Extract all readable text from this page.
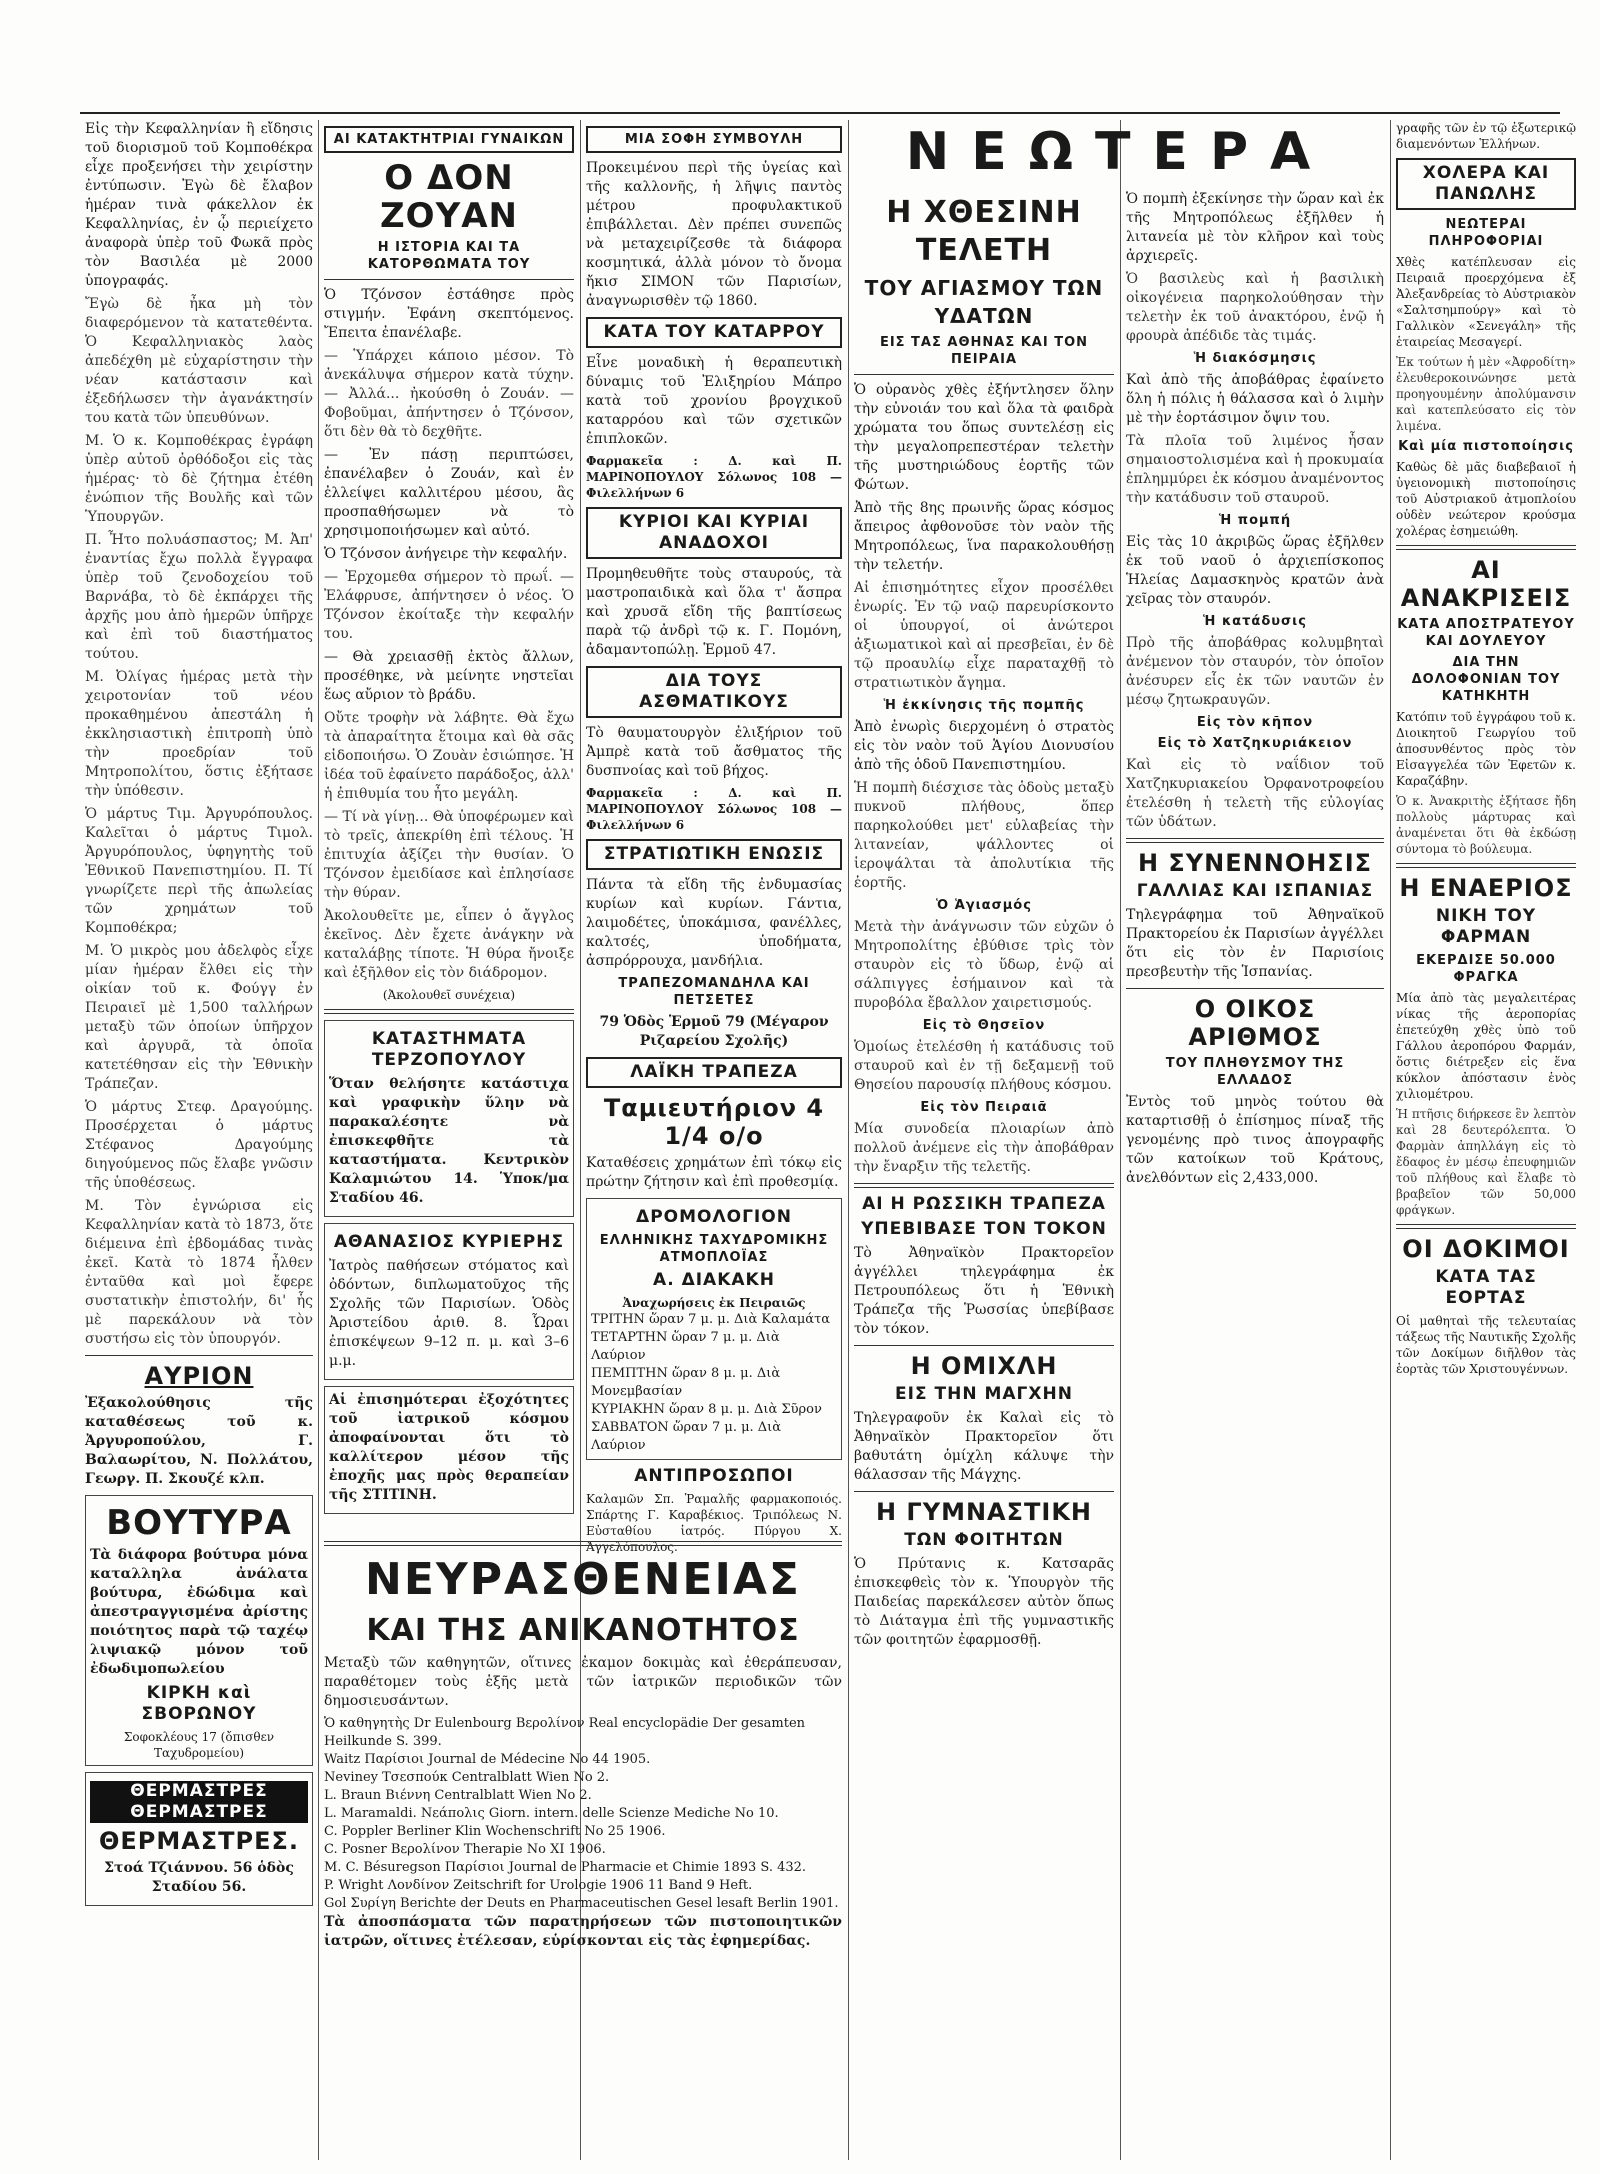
Εἰς τὴν Κεφαλληνίαν ἢ εἴδησις τοῦ διορισμοῦ τοῦ Κομποθέκρα εἶχε προξενήσει τὴν χειρίστην ἐντύπωσιν. Ἐγὼ δὲ ἔλαβον ἡμέραν τινὰ φάκελλον ἐκ Κεφαλληνίας, ἐν ᾧ περιείχετο ἀναφορὰ ὑπὲρ τοῦ Φωκᾶ πρὸς τὸν Βασιλέα μὲ 2000 ὑπογραφάς.

Ἔγὼ δὲ ἦκα μὴ τὸν διαφερόμενον τὰ κατατεθέντα. Ὁ Κεφαλληνιακὸς λαὸς ἀπεδέχθη μὲ εὐχαρίστησιν τὴν νέαν κατάστασιν καὶ ἐξεδήλωσεν τὴν ἀγανάκτησίν του κατὰ τῶν ὑπευθύνων.

Μ. Ὁ κ. Κομποθέκρας ἐγράφη ὑπὲρ αὐτοῦ ὀρθόδοξοι εἰς τὰς ἡμέρας· τὸ δὲ ζήτημα ἐτέθη ἐνώπιον τῆς Βουλῆς καὶ τῶν Ὑπουργῶν.

Π. Ἦτο πολυάσπαστος; Μ. Ἀπ' ἐναντίας ἔχω πολλὰ ἔγγραφα ὑπὲρ τοῦ ζενοδοχείου τοῦ Βαρνάβα, τὸ δὲ ἐκπάρχει τῆς ἀρχῆς μου ἀπὸ ἡμερῶν ὑπῆρχε καὶ ἐπὶ τοῦ διαστήματος τούτου.

Μ. Ὀλίγας ἡμέρας μετὰ τὴν χειροτονίαν τοῦ νέου προκαθημένου ἀπεστάλη ἡ ἐκκλησιαστικὴ ἐπιτροπὴ ὑπὸ τὴν προεδρίαν τοῦ Μητροπολίτου, ὅστις ἐξήτασε τὴν ὑπόθεσιν.

Ὁ μάρτυς Τιμ. Ἀργυρόπουλος. Καλεῖται ὁ μάρτυς Τιμολ. Ἀργυρόπουλος, ὑφηγητὴς τοῦ Ἐθνικοῦ Πανεπιστημίου. Π. Τί γνωρίζετε περὶ τῆς ἀπωλείας τῶν χρημάτων τοῦ Κομποθέκρα;

Μ. Ὁ μικρὸς μου ἀδελφὸς εἶχε μίαν ἡμέραν ἔλθει εἰς τὴν οἰκίαν τοῦ κ. Φούγγ ἐν Πειραιεῖ μὲ 1,500 ταλλήρων μεταξὺ τῶν ὁποίων ὑπῆρχον καὶ ἀργυρᾶ, τὰ ὁποῖα κατετέθησαν εἰς τὴν Ἐθνικὴν Τράπεζαν.

Ὁ μάρτυς Στεφ. Δραγούμης. Προσέρχεται ὁ μάρτυς Στέφανος Δραγούμης διηγούμενος πῶς ἔλαβε γνῶσιν τῆς ὑποθέσεως.

Μ. Τὸν ἐγνώρισα εἰς Κεφαλληνίαν κατὰ τὸ 1873, ὅτε διέμεινα ἐπὶ ἑβδομάδας τινὰς ἐκεῖ. Κατὰ τὸ 1874 ἦλθεν ἐνταῦθα καὶ μοὶ ἔφερε συστατικὴν ἐπιστολήν, δι' ἧς μὲ παρεκάλουν νὰ τὸν συστήσω εἰς τὸν ὑπουργόν.

ΑΥΡΙΟΝ

Ἐξακολούθησις τῆς καταθέσεως τοῦ κ. Ἀργυροπούλου, Γ. Βαλαωρίτου, Ν. Πολλάτου, Γεωργ. Π. Σκουζέ κλπ.

ΒΟΥΤΥΡΑ

Τὰ διάφορα βούτυρα μόνα καταλληλα ἀνάλατα βούτυρα, ἐδώδιμα καὶ ἀπεστραγγισμένα ἀρίστης ποιότητος παρὰ τῷ ταχέῳ λιψιακῷ μόνον τοῦ ἐδωδιμοπωλείου

ΚΙΡΚΗ καὶ ΣΒΟΡΩΝΟΥ
Σοφοκλέους 17 (ὄπισθεν Ταχυδρομείου)
ΘΕΡΜΑΣΤΡΕΣ ΘΕΡΜΑΣΤΡΕΣ
ΘΕΡΜΑΣΤΡΕΣ.

Στοά Τζιάννου. 56 ὁδὸς Σταδίου 56.

ΑΙ ΚΑΤΑΚΤΗΤΡΙΑΙ ΓΥΝΑΙΚΩΝ
Ο ΔΟΝ ΖΟΥΑΝ
Η ΙΣΤΟΡΙΑ ΚΑΙ ΤΑ ΚΑΤΟΡΘΩΜΑΤΑ ΤΟΥ

Ὁ Τζόνσον ἐστάθησε πρὸς στιγμήν. Ἐφάνη σκεπτόμενος. Ἔπειτα ἐπανέλαβε.

— Ὑπάρχει κάποιο μέσον. Τὸ ἀνεκάλυψα σήμερον κατὰ τύχην. — Ἀλλά... ἠκούσθη ὁ Ζουάν. — Φοβοῦμαι, ἀπήντησεν ὁ Τζόνσον, ὅτι δὲν θὰ τὸ δεχθῆτε.

— Ἐν πάσῃ περιπτώσει, ἐπανέλαβεν ὁ Ζουάν, καὶ ἐν ἐλλείψει καλλιτέρου μέσου, ἃς προσπαθήσωμεν νὰ τὸ χρησιμοποιήσωμεν καὶ αὐτό.

Ὁ Τζόνσον ἀνήγειρε τὴν κεφαλήν.

— Ἐρχομεθα σήμερον τὸ πρωΐ. — Ἐλάφρυσε, ἀπήντησεν ὁ νέος. Ὁ Τζόνσον ἐκοίταξε τὴν κεφαλήν του.

— Θὰ χρειασθῇ ἐκτὸς ἄλλων, προσέθηκε, νὰ μείνητε νηστεῖαι ἕως αὔριον τὸ βράδυ.

Οὔτε τροφὴν νὰ λάβητε. Θὰ ἔχω τὰ ἀπαραίτητα ἕτοιμα καὶ θὰ σᾶς εἰδοποιήσω. Ὁ Ζουὰν ἐσιώπησε. Ἡ ἰδέα τοῦ ἐφαίνετο παράδοξος, ἀλλ' ἡ ἐπιθυμία του ἦτο μεγάλη.

— Τί νὰ γίνῃ... Θὰ ὑποφέρωμεν καὶ τὸ τρεῖς, ἀπεκρίθη ἐπὶ τέλους. Ἡ ἐπιτυχία ἀξίζει τὴν θυσίαν. Ὁ Τζόνσον ἐμειδίασε καὶ ἐπλησίασε τὴν θύραν.

Ἀκολουθεῖτε με, εἶπεν ὁ ἄγγλος ἐκεῖνος. Δὲν ἔχετε ἀνάγκην νὰ καταλάβῃς τίποτε. Ἡ θύρα ἤνοιξε καὶ ἐξῆλθον εἰς τὸν διάδρομον.

(Ἀκολουθεῖ συνέχεια)

ΚΑΤΑΣΤΗΜΑΤΑ ΤΕΡΖΟΠΟΥΛΟΥ

Ὅταν θελήσητε κατάστιχα καὶ γραφικὴν ὕλην νὰ παρακαλέσητε νὰ ἐπισκεφθῆτε τὰ καταστήματα. Κεντρικὸν Καλαμιώτου 14. Ὑποκ/μα Σταδίου 46.

ΑΘΑΝΑΣΙΟΣ ΚΥΡΙΕΡΗΣ

Ἰατρὸς παθήσεων στόματος καὶ ὀδόντων, διπλωματοῦχος τῆς Σχολῆς τῶν Παρισίων. Ὁδὸς Ἀριστείδου ἀριθ. 8. Ὧραι ἐπισκέψεων 9–12 π. μ. καὶ 3–6 μ.μ.

Αἱ ἐπισημότεραι ἐξοχότητες τοῦ ἰατρικοῦ κόσμου ἀποφαίνονται ὅτι τὸ καλλίτερον μέσον τῆς ἐποχῆς μας πρὸς θεραπείαν τῆς ΣΤΙΤΙΝΗ.

ΜΙΑ ΣΟΦΗ ΣΥΜΒΟΥΛΗ

Προκειμένου περὶ τῆς ὑγείας καὶ τῆς καλλονῆς, ἡ λῆψις παντὸς μέτρου προφυλακτικοῦ ἐπιβάλλεται. Δὲν πρέπει συνεπῶς νὰ μεταχειρίζεσθε τὰ διάφορα κοσμητικά, ἀλλὰ μόνον τὸ ὄνομα ἤκισ ΣΙΜΟΝ τῶν Παρισίων, ἀναγνωρισθὲν τῷ 1860.

ΚΑΤΑ ΤΟΥ ΚΑΤΑΡΡΟΥ

Εἶνε μοναδικὴ ἡ θεραπευτικὴ δύναμις τοῦ Ἐλιξηρίου Μάπρο κατὰ τοῦ χρονίου βρογχικοῦ καταρρόου καὶ τῶν σχετικῶν ἐπιπλοκῶν.

Φαρμακεῖα : Δ. καὶ Π. ΜΑΡΙΝΟΠΟΥΛΟΥ Σόλωνος 108 — Φιλελλήνων 6

ΚΥΡΙΟΙ ΚΑΙ ΚΥΡΙΑΙ ΑΝΑΔΟΧΟΙ

Προμηθευθῆτε τοὺς σταυρούς, τὰ μαστροπαιδικὰ καὶ ὅλα τ' ἄσπρα καὶ χρυσᾶ εἴδη τῆς βαπτίσεως παρὰ τῷ ἀνδρὶ τῷ κ. Γ. Πομόνη, ἀδαμαντοπώλῃ. Ἑρμοῦ 47.

ΔΙΑ ΤΟΥΣ ΑΣΘΜΑΤΙΚΟΥΣ

Τὸ θαυματουργὸν ἐλιξήριον τοῦ Ἀμπρὲ κατὰ τοῦ ἄσθματος τῆς δυσπνοίας καὶ τοῦ βήχος.

Φαρμακεῖα : Δ. καὶ Π. ΜΑΡΙΝΟΠΟΥΛΟΥ Σόλωνος 108 — Φιλελλήνων 6

ΣΤΡΑΤΙΩΤΙΚΗ ΕΝΩΣΙΣ

Πάντα τὰ εἴδη τῆς ἐνδυμασίας κυρίων καὶ κυρίων. Γάντια, λαιμοδέτες, ὑποκάμισα, φανέλλες, καλτσές, ὑποδήματα, ἀσπρόρρουχα, μανδήλια.

ΤΡΑΠΕΖΟΜΑΝΔΗΛΑ ΚΑΙ ΠΕΤΣΕΤΕΣ

79 Ὁδὸς Ἑρμοῦ 79 (Μέγαρον Ριζαρείου Σχολῆς)

ΛΑΪΚΗ ΤΡΑΠΕΖΑ
Ταμιευτήριον 4 1/4 ο/ο

Καταθέσεις χρημάτων ἐπὶ τόκῳ εἰς πρώτην ζήτησιν καὶ ἐπὶ προθεσμίᾳ.

ΔΡΟΜΟΛΟΓΙΟΝ
ΕΛΛΗΝΙΚΗΣ ΤΑΧΥΔΡΟΜΙΚΗΣ ΑΤΜΟΠΛΟΪΑΣ
Α. ΔΙΑΚΑΚΗ
Ἀναχωρήσεις ἐκ Πειραιῶς
ΤΡΙΤΗΝ ὥραν 7 μ. μ. Διὰ Καλαμάτα
ΤΕΤΑΡΤΗΝ ὥραν 7 μ. μ. Διὰ Λαύριον
ΠΕΜΠΤΗΝ ὥραν 8 μ. μ. Διὰ Μονεμβασίαν
ΚΥΡΙΑΚΗΝ ὥραν 8 μ. μ. Διὰ Σῦρον
ΣΑΒΒΑΤΟΝ ὥραν 7 μ. μ. Διὰ Λαύριον
ΑΝΤΙΠΡΟΣΩΠΟΙ

Καλαμῶν Σπ. Ῥαμαλῆς φαρμακοποιός. Σπάρτης Γ. Καραβέκιος. Τριπόλεως Ν. Εὐσταθίου ἰατρός. Πύργου Χ. Ἀγγελόπουλος.

ΝΕΩΤΕΡΑ
Η ΧΘΕΣΙΝΗ ΤΕΛΕΤΗ
ΤΟΥ ΑΓΙΑΣΜΟΥ ΤΩΝ ΥΔΑΤΩΝ
ΕΙΣ ΤΑΣ ΑΘΗΝΑΣ ΚΑΙ ΤΟΝ ΠΕΙΡΑΙΑ

Ὁ οὐρανὸς χθὲς ἐξήντλησεν ὅλην τὴν εὐνοιάν του καὶ ὅλα τὰ φαιδρὰ χρώματα του ὅπως συντελέσῃ εἰς τὴν μεγαλοπρεπεστέραν τελετὴν τῆς μυστηριώδους ἑορτῆς τῶν Φώτων.

Ἀπὸ τῆς 8ης πρωινῆς ὥρας κόσμος ἄπειρος ἀφθονοῦσε τὸν ναὸν τῆς Μητροπόλεως, ἵνα παρακολουθήσῃ τὴν τελετήν.

Αἱ ἐπισημότητες εἶχον προσέλθει ἐνωρίς. Ἐν τῷ ναῷ παρευρίσκοντο οἱ ὑπουργοί, οἱ ἀνώτεροι ἀξιωματικοὶ καὶ αἱ πρεσβεῖαι, ἐν δὲ τῷ προαυλίῳ εἶχε παραταχθῇ τὸ στρατιωτικὸν ἄγημα.

Ἡ ἐκκίνησις τῆς πομπῆς

Ἀπὸ ἐνωρὶς διερχομένη ὁ στρατὸς εἰς τὸν ναὸν τοῦ Ἁγίου Διονυσίου ἀπὸ τῆς ὁδοῦ Πανεπιστημίου.

Ἡ πομπὴ διέσχισε τὰς ὁδοὺς μεταξὺ πυκνοῦ πλήθους, ὅπερ παρηκολούθει μετ' εὐλαβείας τὴν λιτανείαν, ψάλλοντες οἱ ἱεροψάλται τὰ ἀπολυτίκια τῆς ἑορτῆς.

Ὁ Ἁγιασμός

Μετὰ τὴν ἀνάγνωσιν τῶν εὐχῶν ὁ Μητροπολίτης ἐβύθισε τρὶς τὸν σταυρὸν εἰς τὸ ὕδωρ, ἐνῷ αἱ σάλπιγγες ἐσήμαινον καὶ τὰ πυροβόλα ἔβαλλον χαιρετισμούς.

Εἰς τὸ Θησεῖον

Ὁμοίως ἐτελέσθη ἡ κατάδυσις τοῦ σταυροῦ καὶ ἐν τῇ δεξαμενῇ τοῦ Θησείου παρουσίᾳ πλήθους κόσμου.

Εἰς τὸν Πειραιᾶ

Μία συνοδεία πλοιαρίων ἀπὸ πολλοῦ ἀνέμενε εἰς τὴν ἀποβάθραν τὴν ἔναρξιν τῆς τελετῆς.

ΑΙ Η ΡΩΣΣΙΚΗ ΤΡΑΠΕΖΑ
ΥΠΕΒΙΒΑΣΕ ΤΟΝ ΤΟΚΟΝ

Τὸ Ἀθηναϊκὸν Πρακτορεῖον ἀγγέλλει τηλεγράφημα ἐκ Πετρουπόλεως ὅτι ἡ Ἑθνικὴ Τράπεζα τῆς Ῥωσσίας ὑπεβίβασε τὸν τόκον.

Η ΟΜΙΧΛΗ
ΕΙΣ ΤΗΝ ΜΑΓΧΗΝ

Τηλεγραφοῦν ἐκ Καλαὶ εἰς τὸ Ἀθηναϊκὸν Πρακτορεῖον ὅτι βαθυτάτη ὁμίχλη κάλυψε τὴν θάλασσαν τῆς Μάγχης.

Η ΓΥΜΝΑΣΤΙΚΗ
ΤΩΝ ΦΟΙΤΗΤΩΝ

Ὁ Πρύτανις κ. Κατσαρᾶς ἐπισκεφθεὶς τὸν κ. Ὑπουργὸν τῆς Παιδείας παρεκάλεσεν αὐτὸν ὅπως τὸ Διάταγμα ἐπὶ τῆς γυμναστικῆς τῶν φοιτητῶν ἐφαρμοσθῇ.

Ὁ πομπὴ ἐξεκίνησε τὴν ὥραν καὶ ἐκ τῆς Μητροπόλεως ἐξῆλθεν ἡ λιτανεία μὲ τὸν κλῆρον καὶ τοὺς ἀρχιερεῖς.

Ὁ βασιλεὺς καὶ ἡ βασιλικὴ οἰκογένεια παρηκολούθησαν τὴν τελετὴν ἐκ τοῦ ἀνακτόρου, ἐνῷ ἡ φρουρὰ ἀπέδιδε τὰς τιμάς.

Ἡ διακόσμησις

Καὶ ἀπὸ τῆς ἀποβάθρας ἐφαίνετο ὅλη ἡ πόλις ἡ θάλασσα καὶ ὁ λιμὴν μὲ τὴν ἑορτάσιμον ὄψιν του.

Τὰ πλοῖα τοῦ λιμένος ἦσαν σημαιοστολισμένα καὶ ἡ προκυμαία ἐπλημμύρει ἐκ κόσμου ἀναμένοντος τὴν κατάδυσιν τοῦ σταυροῦ.

Ἡ πομπή

Εἰς τὰς 10 ἀκριβῶς ὥρας ἐξῆλθεν ἐκ τοῦ ναοῦ ὁ ἀρχιεπίσκοπος Ἡλείας Δαμασκηνὸς κρατῶν ἀνὰ χεῖρας τὸν σταυρόν.

Ἡ κατάδυσις

Πρὸ τῆς ἀποβάθρας κολυμβηταὶ ἀνέμενον τὸν σταυρόν, τὸν ὁποῖον ἀνέσυρεν εἷς ἐκ τῶν ναυτῶν ἐν μέσῳ ζητωκραυγῶν.

Εἰς τὸν κῆπον
Εἰς τὸ Χατζηκυριάκειον

Καὶ εἰς τὸ ναΐδιον τοῦ Χατζηκυριακείου Ὀρφανοτροφείου ἐτελέσθη ἡ τελετὴ τῆς εὐλογίας τῶν ὑδάτων.

Η ΣΥΝΕΝΝΟΗΣΙΣ
ΓΑΛΛΙΑΣ ΚΑΙ ΙΣΠΑΝΙΑΣ

Τηλεγράφημα τοῦ Ἀθηναϊκοῦ Πρακτορείου ἐκ Παρισίων ἀγγέλλει ὅτι εἰς τὸν ἐν Παρισίοις πρεσβευτὴν τῆς Ἱσπανίας.

Ο ΟΙΚΟΣ ΑΡΙΘΜΟΣ
ΤΟΥ ΠΛΗΘΥΣΜΟΥ ΤΗΣ ΕΛΛΑΔΟΣ

Ἐντὸς τοῦ μηνὸς τούτου θὰ καταρτισθῇ ὁ ἐπίσημος πίναξ τῆς γενομένης πρὸ τινος ἀπογραφῆς τῶν κατοίκων τοῦ Κράτους, ἀνελθόντων εἰς 2,433,000.

γραφῆς τῶν ἐν τῷ ἐξωτερικῷ διαμενόντων Ἑλλήνων.

ΧΟΛΕΡΑ ΚΑΙ ΠΑΝΩΛΗΣ
ΝΕΩΤΕΡΑΙ ΠΛΗΡΟΦΟΡΙΑΙ

Χθὲς κατέπλευσαν εἰς Πειραιᾶ προερχόμενα ἐξ Ἀλεξανδρείας τὸ Αὐστριακὸν «Σαλτσημπούργ» καὶ τὸ Γαλλικὸν «Σενεγάλη» τῆς ἑταιρείας Μεσαγερί.

Ἐκ τούτων ἡ μὲν «Ἀφροδίτη» ἐλευθεροκοινώνησε μετὰ προηγουμένην ἀπολύμανσιν καὶ κατεπλεύσατο εἰς τὸν λιμένα.

Καὶ μία πιστοποίησις

Καθὼς δὲ μᾶς διαβεβαιοῖ ἡ ὑγειονομικὴ πιστοποίησις τοῦ Αὐστριακοῦ ἀτμοπλοίου οὐδὲν νεώτερον κρούσμα χολέρας ἐσημειώθη.

ΑΙ ΑΝΑΚΡΙΣΕΙΣ
ΚΑΤΑ ΑΠΟΣΤΡΑΤΕΥΟΥ ΚΑΙ ΔΟΥΛΕΥΟΥ
ΔΙΑ ΤΗΝ ΔΟΛΟΦΟΝΙΑΝ ΤΟΥ ΚΑΤΗΚΗΤΗ

Κατόπιν τοῦ ἐγγράφου τοῦ κ. Διοικητοῦ Γεωργίου τοῦ ἀποσυνθέντος πρὸς τὸν Εἰσαγγελέα τῶν Ἐφετῶν κ. Καραζάβην.

Ὁ κ. Ἀνακριτὴς ἐξήτασε ἤδη πολλοὺς μάρτυρας καὶ ἀναμένεται ὅτι θὰ ἐκδώσῃ σύντομα τὸ βούλευμα.

Η ΕΝΑΕΡΙΟΣ
ΝΙΚΗ ΤΟΥ ΦΑΡΜΑΝ
ΕΚΕΡΔΙΣΕ 50.000 ΦΡΑΓΚΑ

Μία ἀπὸ τὰς μεγαλειτέρας νίκας τῆς ἀεροπορίας ἐπετεύχθη χθὲς ὑπὸ τοῦ Γάλλου ἀεροπόρου Φαρμάν, ὅστις διέτρεξεν εἰς ἕνα κύκλον ἀπόστασιν ἑνὸς χιλιομέτρου.

Ἡ πτῆσις διήρκεσε ἓν λεπτὸν καὶ 28 δευτερόλεπτα. Ὁ Φαρμὰν ἀπηλλάγη εἰς τὸ ἔδαφος ἐν μέσῳ ἐπευφημιῶν τοῦ πλήθους καὶ ἔλαβε τὸ βραβεῖον τῶν 50,000 φράγκων.

ΟΙ ΔΟΚΙΜΟΙ
ΚΑΤΑ ΤΑΣ ΕΟΡΤΑΣ

Οἱ μαθηταὶ τῆς τελευταίας τάξεως τῆς Ναυτικῆς Σχολῆς τῶν Δοκίμων διῆλθον τὰς ἑορτὰς τῶν Χριστουγέννων.

ΝΕΥΡΑΣΘΕΝΕΙΑΣ
ΚΑΙ ΤΗΣ ΑΝΙΚΑΝΟΤΗΤΟΣ

Μεταξὺ τῶν καθηγητῶν, οἵτινες ἐκαμον δοκιμὰς καὶ ἐθεράπευσαν, παραθέτομεν τοὺς ἑξῆς μετὰ τῶν ἰατρικῶν περιοδικῶν τῶν δημοσιευσάντων.

Ὁ καθηγητὴς Dr Eulenbourg Βερολίνον Real encyclopädie Der gesamten Heilkunde S. 399.
Waitz Παρίσιοι Journal de Médecine No 44 1905.
Neviney Τσεσπούκ Centralblatt Wien No 2.
L. Braun Βιέννη Centralblatt Wien No 2.
L. Maramaldi. Νεάπολις Giorn. intern. delle Scienze Mediche No 10.
C. Poppler Berliner Klin Wochenschrift No 25 1906.
C. Posner Βερολίνον Therapie No XI 1906.
M. C. Bésuregson Παρίσιοι Journal de Pharmacie et Chimie 1893 S. 432.
P. Wright Λονδίνον Zeitschrift for Urologie 1906 11 Band 9 Heft.
Gol Συρίγη Berichte der Deuts en Pharmaceutischen Gesel lesaft Berlin 1901.

Τὰ ἀποσπάσματα τῶν παρατηρήσεων τῶν πιστοποιητικῶν ἰατρῶν, οἵτινες ἐτέλεσαν, εὑρίσκονται εἰς τὰς ἐφημερίδας.
